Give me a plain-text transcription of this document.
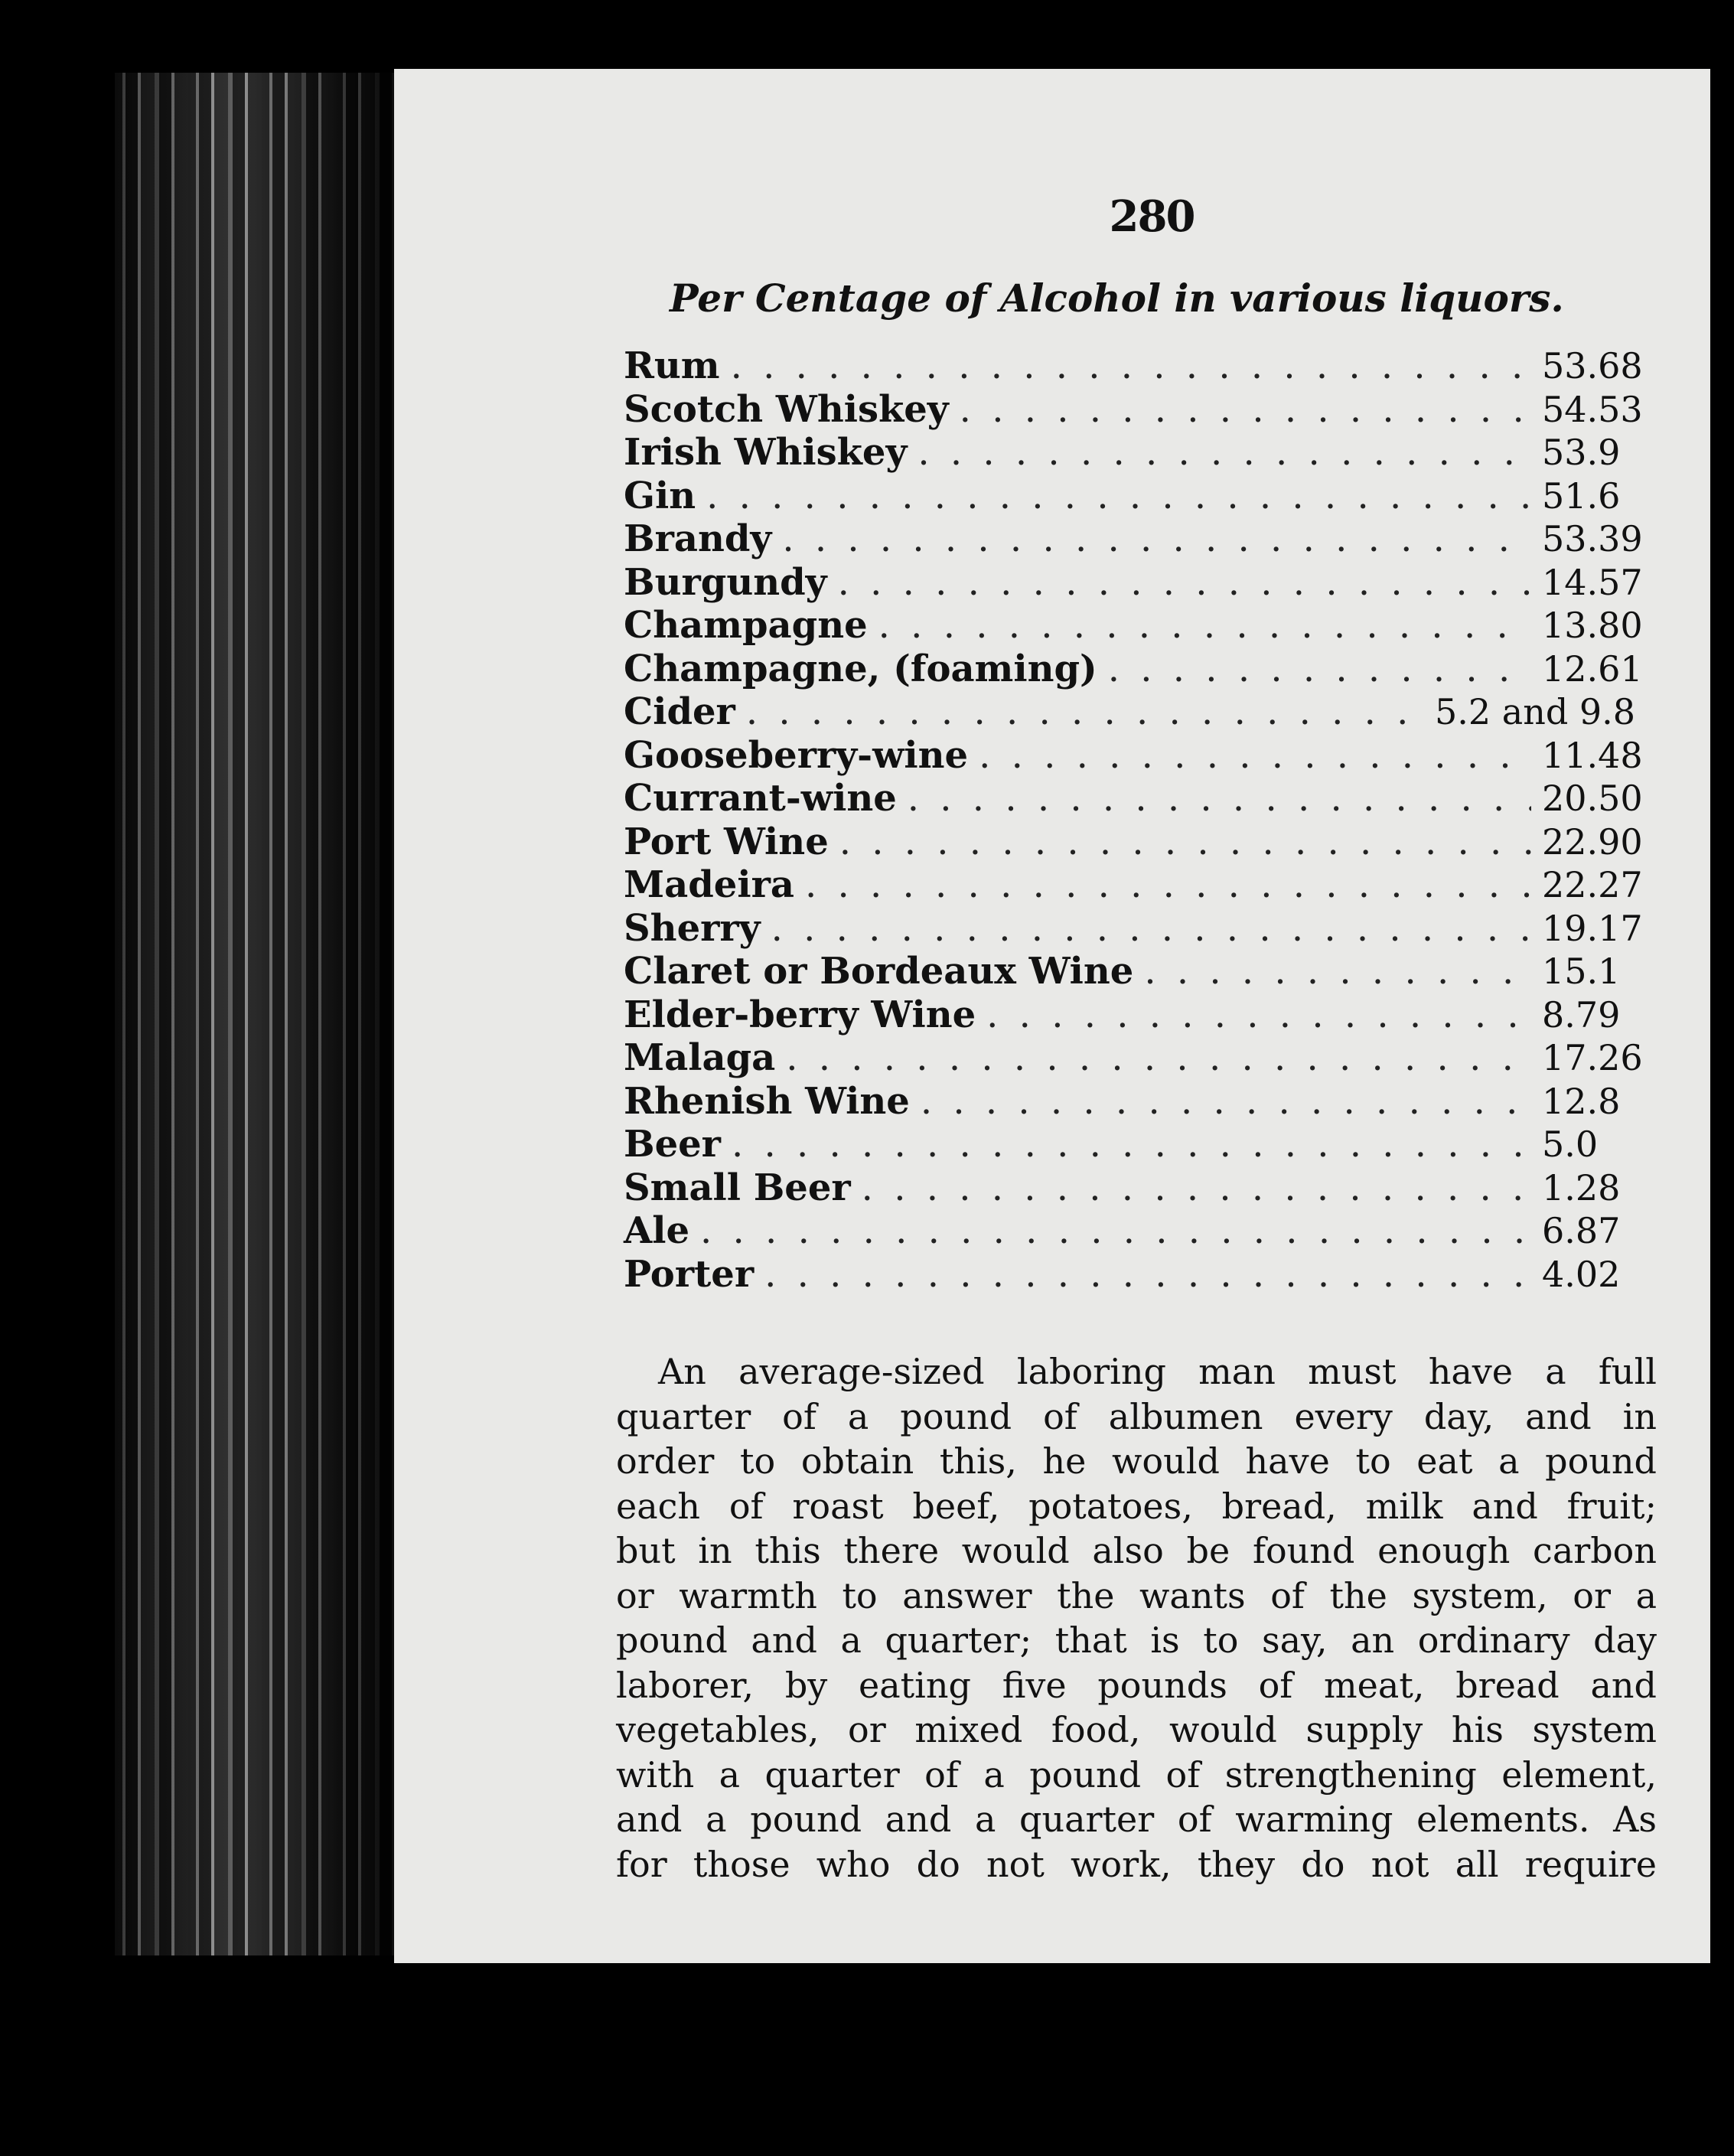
280
Per Centage of Alcohol in various liquors.
Rum . . .	53.68
Scotch Whiskey . . .	54.53
Irish Whiskey . . .	53.9
Gin . . .	51.6
Brandy . . .	53.39
Burgundy . . .	14.57
Champagne . . .	13.80
Champagne, (foaming) . . .	12.61
Cider . . .	5.2 and 9.8
Gooseberry-wine . . .	11.48
Currant-wine . . .	20.50
Port Wine . . .	22.90
Madeira . . .	22.27
Sherry . . .	19.17
Claret or Bordeaux Wine . . .	15.1
Elder-berry Wine . . .	8.79
Malaga . . .	17.26
Rhenish Wine . . .	12.8
Beer . . .	5.0
Small Beer . . .	1.28
Ale . . .	6.87
Porter . . .	4.02
An average-sized laboring man must have a full
quarter of a pound of albumen every day, and in
order to obtain this, he would have to eat a pound
each of roast beef, potatoes, bread, milk and fruit;
but in this there would also be found enough carbon
or warmth to answer the wants of the system, or a
pound and a quarter; that is to say, an ordinary day
laborer, by eating five pounds of meat, bread and
vegetables, or mixed food, would supply his system
with a quarter of a pound of strengthening element,
and a pound and a quarter of warming elements. As
for those who do not work, they do not all require
